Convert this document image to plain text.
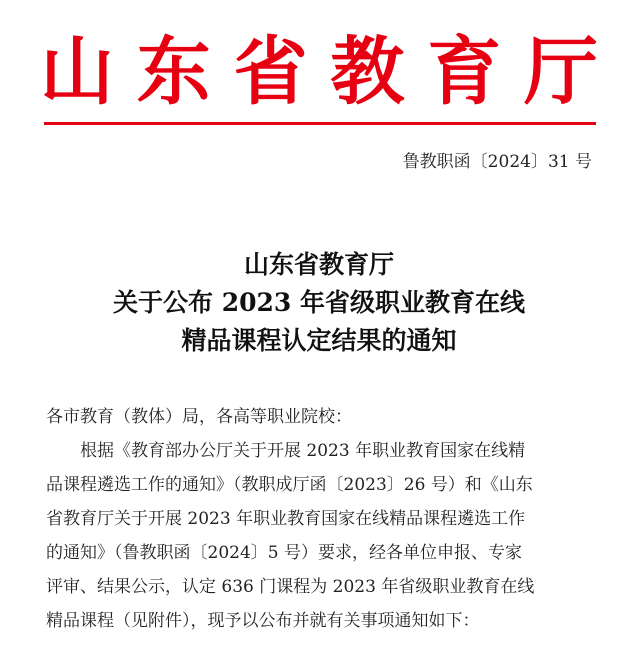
山 东 省 教 育 厅
鲁教职函〔2024〕31 号
山东省教育厅
关于公布 2023 年省级职业教育在线
精品课程认定结果的通知
各市教育（教体）局，各高等职业院校：
根据《教育部办公厅关于开展 2023 年职业教育国家在线精
品课程遴选工作的通知》（教职成厅函〔2023〕26 号）和《山东
省教育厅关于开展 2023 年职业教育国家在线精品课程遴选工作
的通知》（鲁教职函〔2024〕5 号）要求，经各单位申报、专家
评审、结果公示，认定 636 门课程为 2023 年省级职业教育在线
精品课程（见附件），现予以公布并就有关事项通知如下：
